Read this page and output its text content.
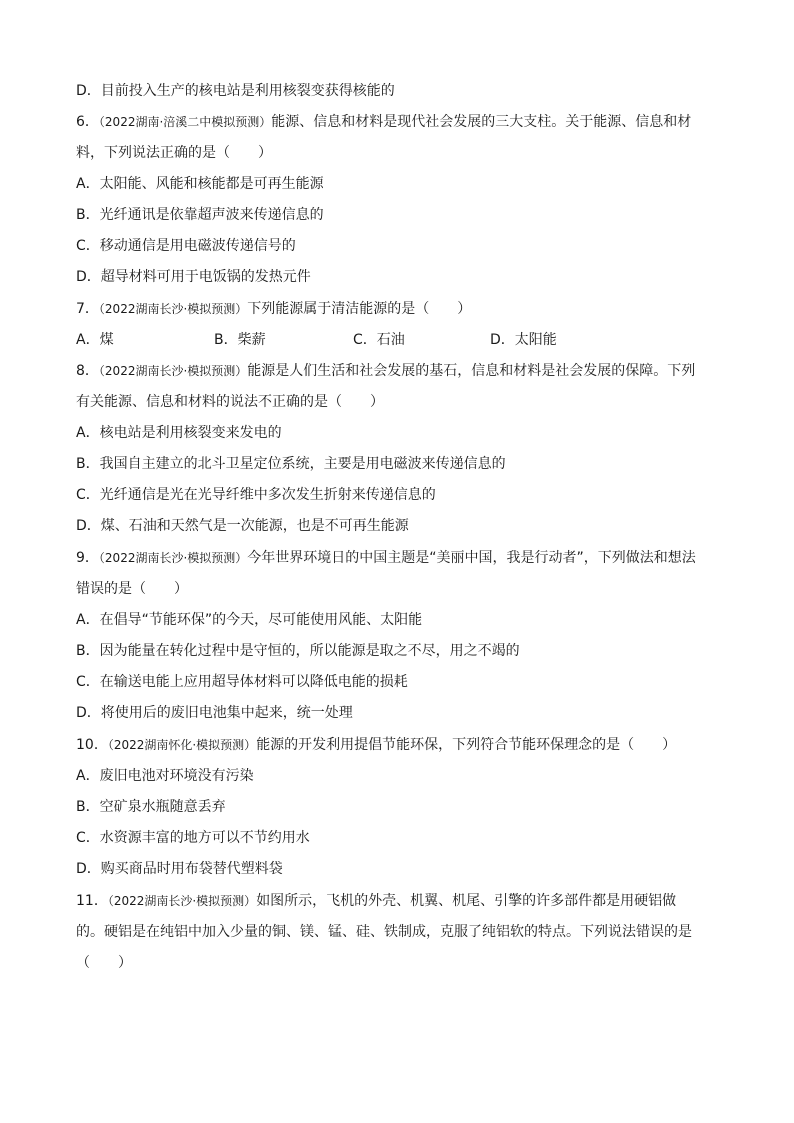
D．目前投入生产的核电站是利用核裂变获得核能的
6．（2022湖南·涪溪二中模拟预测）能源、信息和材料是现代社会发展的三大支柱。关于能源、信息和材
料，下列说法正确的是（　　）
A．太阳能、风能和核能都是可再生能源
B．光纤通讯是依靠超声波来传递信息的
C．移动通信是用电磁波传递信号的
D．超导材料可用于电饭锅的发热元件
7．（2022湖南长沙·模拟预测）下列能源属于清洁能源的是（　　）
A．煤	B．柴薪	C．石油	D．太阳能
8．（2022湖南长沙·模拟预测）能源是人们生活和社会发展的基石，信息和材料是社会发展的保障。下列
有关能源、信息和材料的说法不正确的是（　　）
A．核电站是利用核裂变来发电的
B．我国自主建立的北斗卫星定位系统，主要是用电磁波来传递信息的
C．光纤通信是光在光导纤维中多次发生折射来传递信息的
D．煤、石油和天然气是一次能源，也是不可再生能源
9．（2022湖南长沙·模拟预测）今年世界环境日的中国主题是“美丽中国，我是行动者”，下列做法和想法
错误的是（　　）
A．在倡导“节能环保”的今天，尽可能使用风能、太阳能
B．因为能量在转化过程中是守恒的，所以能源是取之不尽，用之不竭的
C．在输送电能上应用超导体材料可以降低电能的损耗
D．将使用后的废旧电池集中起来，统一处理
10．（2022湖南怀化·模拟预测）能源的开发利用提倡节能环保，下列符合节能环保理念的是（　　）
A．废旧电池对环境没有污染
B．空矿泉水瓶随意丢弃
C．水资源丰富的地方可以不节约用水
D．购买商品时用布袋替代塑料袋
11．（2022湖南长沙·模拟预测）如图所示，飞机的外壳、机翼、机尾、引擎的许多部件都是用硬铝做
的。硬铝是在纯铝中加入少量的铜、镁、锰、硅、铁制成，克服了纯铝软的特点。下列说法错误的是
（　　）
